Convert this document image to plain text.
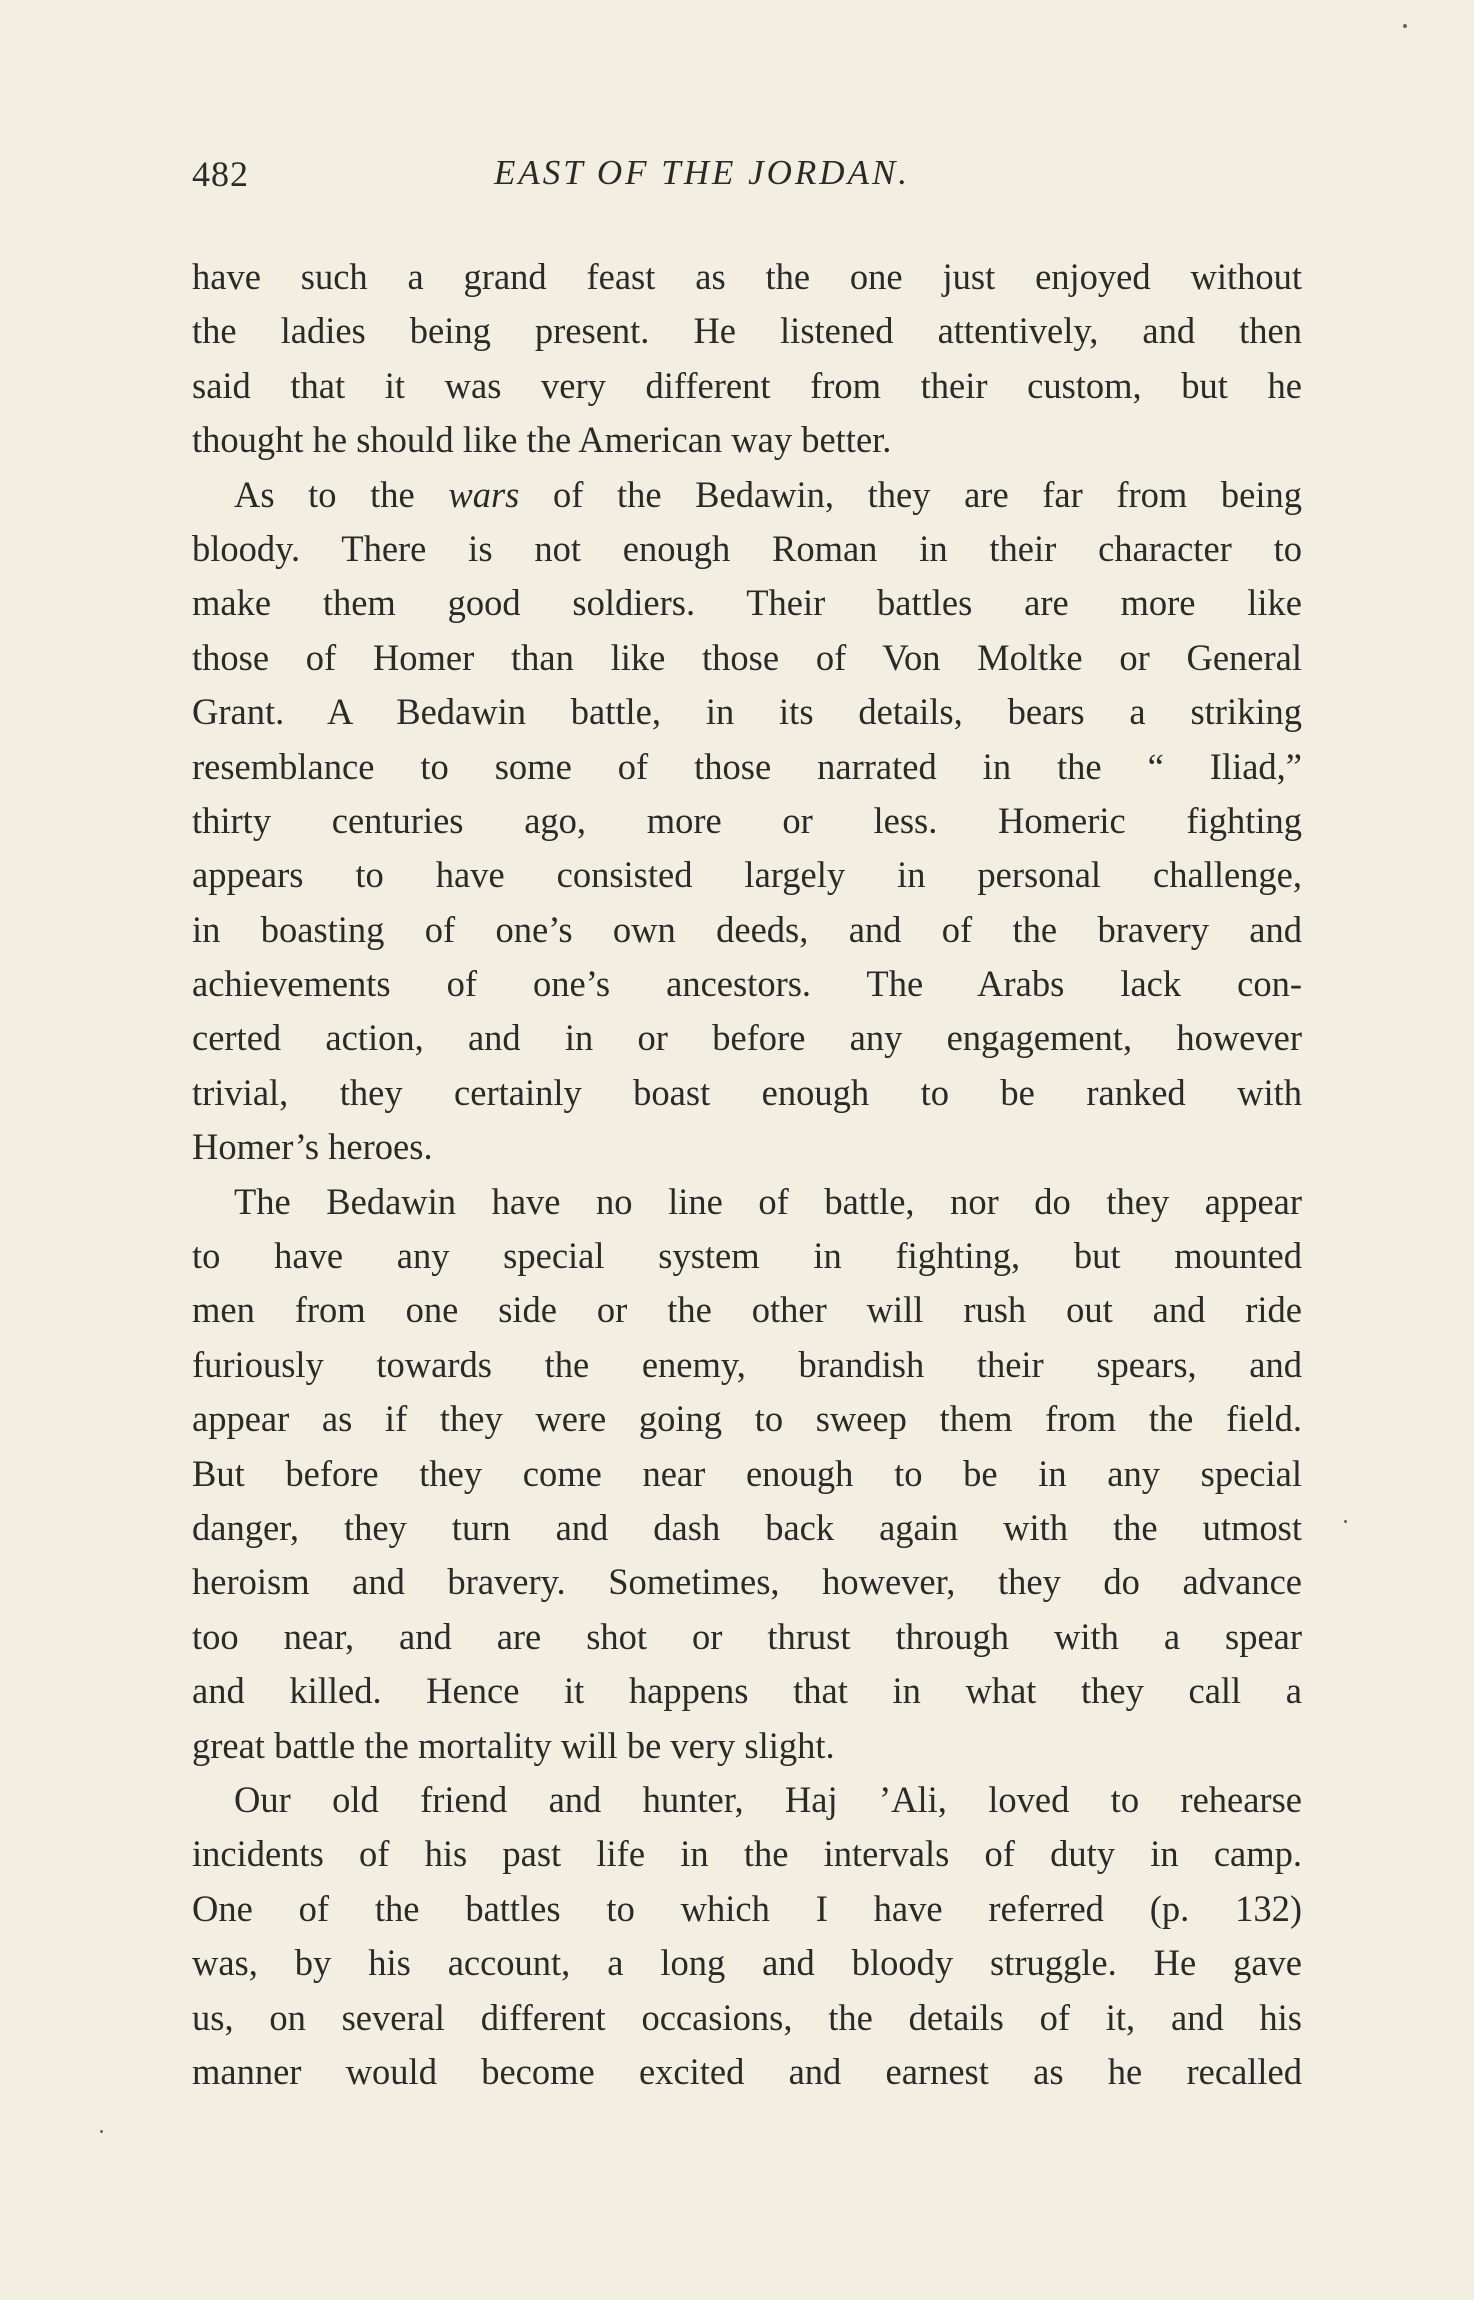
482	EAST OF THE JORDAN.
have such a grand feast as the one just enjoyed without
the ladies being present. He listened attentively, and then
said that it was very different from their custom, but he
thought he should like the American way better.
As to the wars of the Bedawin, they are far from being
bloody. There is not enough Roman in their character to
make them good soldiers. Their battles are more like
those of Homer than like those of Von Moltke or General
Grant. A Bedawin battle, in its details, bears a striking
resemblance to some of those narrated in the “ Iliad,”
thirty centuries ago, more or less. Homeric fighting
appears to have consisted largely in personal challenge,
in boasting of one’s own deeds, and of the bravery and
achievements of one’s ancestors. The Arabs lack con-
certed action, and in or before any engagement, however
trivial, they certainly boast enough to be ranked with
Homer’s heroes.
The Bedawin have no line of battle, nor do they appear
to have any special system in fighting, but mounted
men from one side or the other will rush out and ride
furiously towards the enemy, brandish their spears, and
appear as if they were going to sweep them from the field.
But before they come near enough to be in any special
danger, they turn and dash back again with the utmost
heroism and bravery. Sometimes, however, they do advance
too near, and are shot or thrust through with a spear
and killed. Hence it happens that in what they call a
great battle the mortality will be very slight.
Our old friend and hunter, Haj ’Ali, loved to rehearse
incidents of his past life in the intervals of duty in camp.
One of the battles to which I have referred (p. 132)
was, by his account, a long and bloody struggle. He gave
us, on several different occasions, the details of it, and his
manner would become excited and earnest as he recalled
